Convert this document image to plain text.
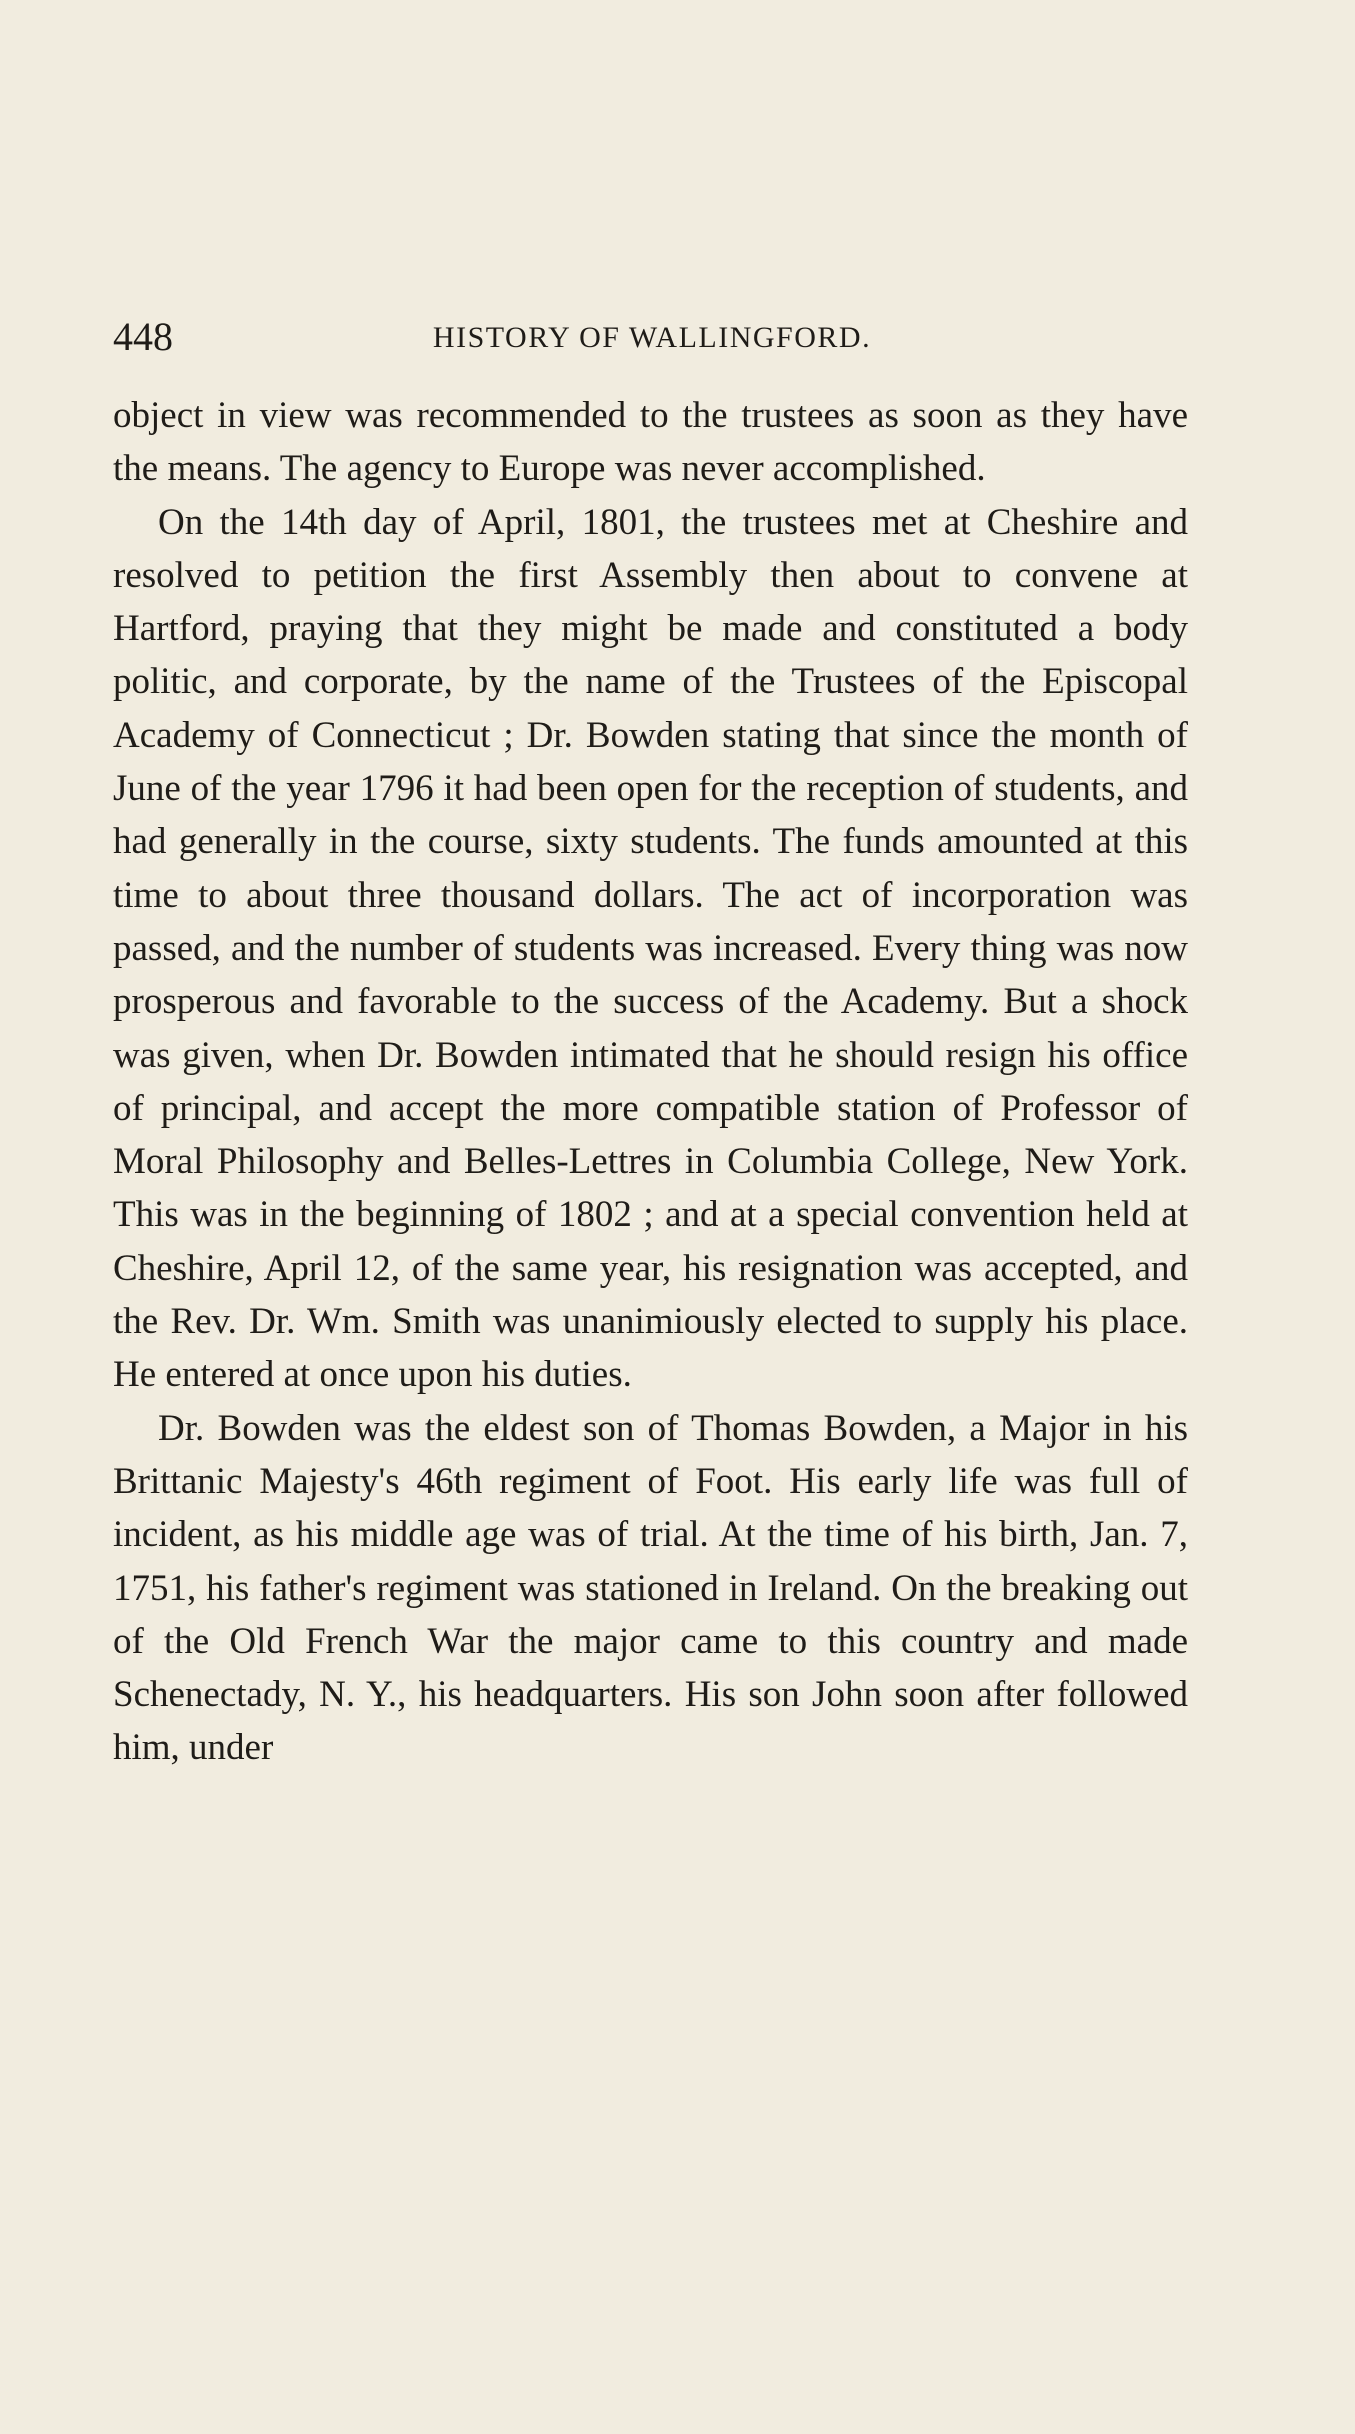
448	HISTORY OF WALLINGFORD.

object in view was recommended to the trustees as soon as they have the means. The agency to Europe was never accomplished.

On the 14th day of April, 1801, the trustees met at Cheshire and resolved to petition the first Assembly then about to convene at Hartford, praying that they might be made and constituted a body politic, and corporate, by the name of the Trustees of the Episcopal Academy of Connecticut ; Dr. Bowden stating that since the month of June of the year 1796 it had been open for the reception of students, and had generally in the course, sixty students. The funds amounted at this time to about three thousand dollars. The act of incorporation was passed, and the number of students was increased. Every thing was now prosperous and favorable to the success of the Academy. But a shock was given, when Dr. Bowden intimated that he should resign his office of principal, and accept the more compatible station of Professor of Moral Philosophy and Belles-Lettres in Columbia College, New York. This was in the beginning of 1802 ; and at a special convention held at Cheshire, April 12, of the same year, his resignation was accepted, and the Rev. Dr. Wm. Smith was unanimiously elected to supply his place. He entered at once upon his duties.

Dr. Bowden was the eldest son of Thomas Bowden, a Major in his Brittanic Majesty's 46th regiment of Foot. His early life was full of incident, as his middle age was of trial. At the time of his birth, Jan. 7, 1751, his father's regiment was stationed in Ireland. On the breaking out of the Old French War the major came to this country and made Schenectady, N. Y., his headquarters. His son John soon after followed him, under
